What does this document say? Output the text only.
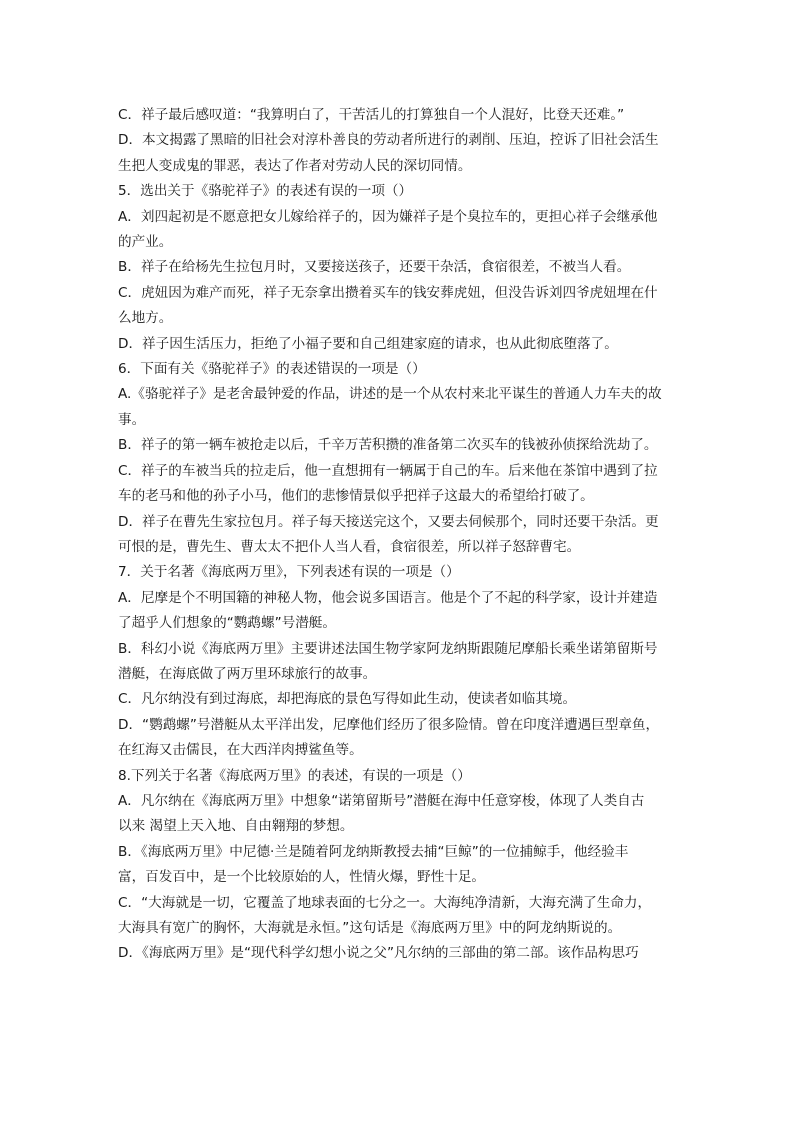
C．祥子最后感叹道：“我算明白了，干苦活儿的打算独自一个人混好，比登天还难。”
D．本文揭露了黑暗的旧社会对淳朴善良的劳动者所进行的剥削、压迫，控诉了旧社会活生
生把人变成鬼的罪恶，表达了作者对劳动人民的深切同情。
5．选出关于《骆驼祥子》的表述有误的一项（）
A．刘四起初是不愿意把女儿嫁给祥子的，因为嫌祥子是个臭拉车的，更担心祥子会继承他
的产业。
B．祥子在给杨先生拉包月时，又要接送孩子，还要干杂活，食宿很差，不被当人看。
C．虎妞因为难产而死，祥子无奈拿出攒着买车的钱安葬虎妞，但没告诉刘四爷虎妞埋在什
么地方。
D．祥子因生活压力，拒绝了小福子要和自己组建家庭的请求，也从此彻底堕落了。
6．下面有关《骆驼祥子》的表述错误的一项是（）
A.《骆驼祥子》是老舍最钟爱的作品，讲述的是一个从农村来北平谋生的普通人力车夫的故
事。
B．祥子的第一辆车被抢走以后，千辛万苦积攒的准备第二次买车的钱被孙侦探给洗劫了。
C．祥子的车被当兵的拉走后，他一直想拥有一辆属于自己的车。后来他在茶馆中遇到了拉
车的老马和他的孙子小马，他们的悲惨情景似乎把祥子这最大的希望给打破了。
D．祥子在曹先生家拉包月。祥子每天接送完这个，又要去伺候那个，同时还要干杂活。更
可恨的是，曹先生、曹太太不把仆人当人看，食宿很差，所以祥子怒辞曹宅。
7．关于名著《海底两万里》，下列表述有误的一项是（）
A．尼摩是个不明国籍的神秘人物，他会说多国语言。他是个了不起的科学家，设计并建造
了超乎人们想象的“鹦鹉螺”号潜艇。
B．科幻小说《海底两万里》主要讲述法国生物学家阿龙纳斯跟随尼摩船长乘坐诺第留斯号
潜艇，在海底做了两万里环球旅行的故事。
C．凡尔纳没有到过海底，却把海底的景色写得如此生动，使读者如临其境。
D．“鹦鹉螺”号潜艇从太平洋出发，尼摩他们经历了很多险情。曾在印度洋遭遇巨型章鱼，
在红海又击儒艮，在大西洋肉搏鲨鱼等。
8.下列关于名著《海底两万里》的表述，有误的一项是（）
A．凡尔纳在《海底两万里》中想象“诺第留斯号”潜艇在海中任意穿梭，体现了人类自古
以来 渴望上天入地、自由翱翔的梦想。
B．《海底两万里》中尼德·兰是随着阿龙纳斯教授去捕“巨鲸”的一位捕鲸手，他经验丰
富，百发百中，是一个比较原始的人，性情火爆，野性十足。
C．“大海就是一切，它覆盖了地球表面的七分之一。大海纯净清新，大海充满了生命力，
大海具有宽广的胸怀，大海就是永恒。”这句话是《海底两万里》中的阿龙纳斯说的。
D．《海底两万里》是“现代科学幻想小说之父”凡尔纳的三部曲的第二部。该作品构思巧
